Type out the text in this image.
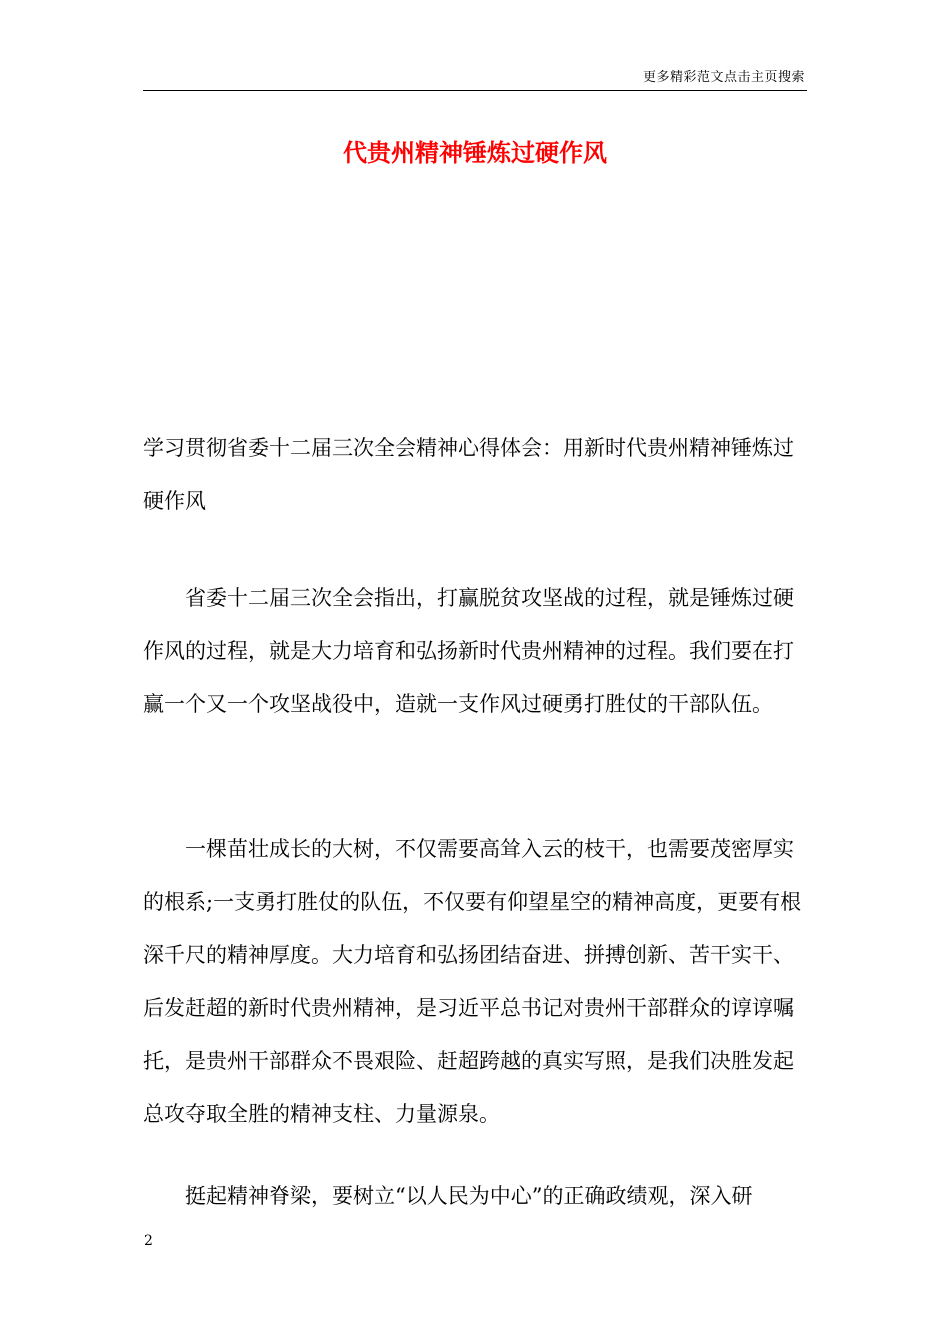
更多精彩范文点击主页搜索
代贵州精神锤炼过硬作风

学习贯彻省委十二届三次全会精神心得体会：用新时代贵州精神锤炼过硬作风

　　省委十二届三次全会指出，打赢脱贫攻坚战的过程，就是锤炼过硬作风的过程，就是大力培育和弘扬新时代贵州精神的过程。我们要在打赢一个又一个攻坚战役中，造就一支作风过硬勇打胜仗的干部队伍。

　　一棵苗壮成长的大树，不仅需要高耸入云的枝干，也需要茂密厚实的根系;一支勇打胜仗的队伍，不仅要有仰望星空的精神高度，更要有根深千尺的精神厚度。大力培育和弘扬团结奋进、拼搏创新、苦干实干、后发赶超的新时代贵州精神，是习近平总书记对贵州干部群众的谆谆嘱托，是贵州干部群众不畏艰险、赶超跨越的真实写照，是我们决胜发起总攻夺取全胜的精神支柱、力量源泉。

　　挺起精神脊梁，要树立“以人民为中心”的正确政绩观，深入研

2
